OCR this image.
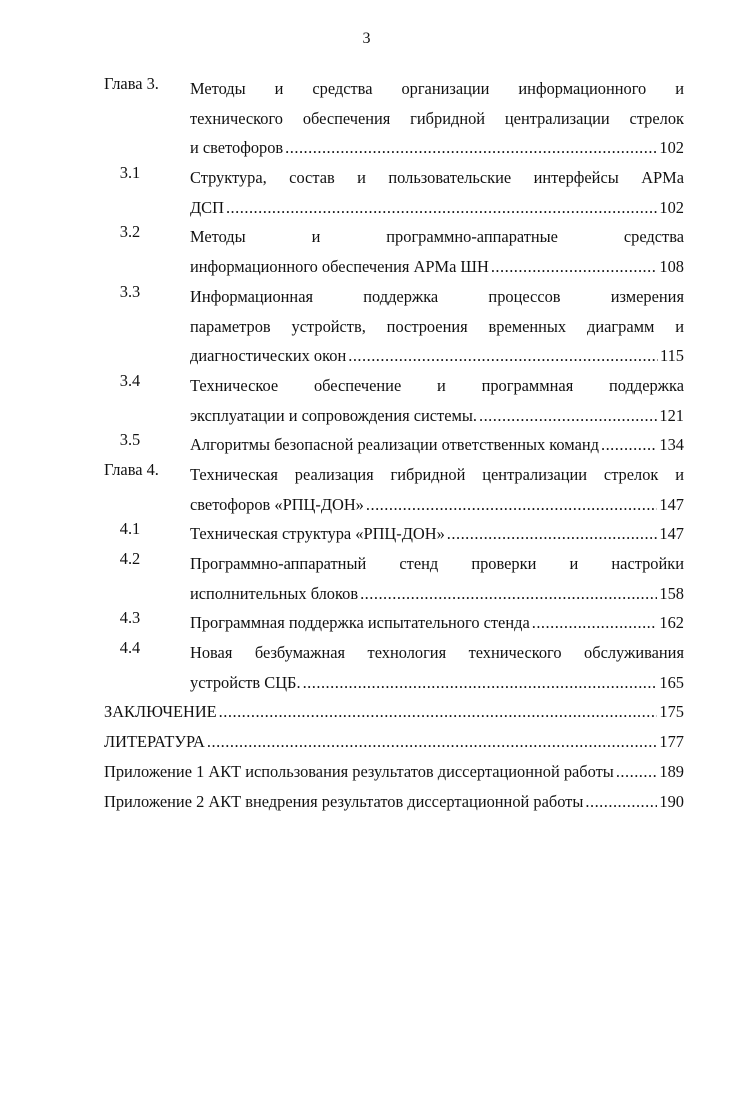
3
Глава 3.	Методы и средства организации информационного и
технического обеспечения гибридной централизации стрелок
и светофоров .....	102
3.1	Структура, состав и пользовательские интерфейсы АРМа
ДСП .....	102
3.2	Методы и программно-аппаратные средства
информационного обеспечения АРМа ШН .....	108
3.3	Информационная поддержка процессов измерения
параметров устройств, построения временных диаграмм и
диагностических окон .....	115
3.4	Техническое обеспечение и программная поддержка
эксплуатации и сопровождения системы. .....	121
3.5	Алгоритмы безопасной реализации ответственных команд .....	134
Глава 4.	Техническая реализация гибридной централизации стрелок и
светофоров «РПЦ-ДОН» .....	147
4.1	Техническая структура «РПЦ-ДОН» .....	147
4.2	Программно-аппаратный стенд проверки и настройки
исполнительных блоков .....	158
4.3	Программная поддержка испытательного стенда .....	162
4.4	Новая безбумажная технология технического обслуживания
устройств СЦБ. .....	165
ЗАКЛЮЧЕНИЕ .....	175
ЛИТЕРАТУРА .....	177
Приложение 1 АКТ использования результатов диссертационной работы .....	189
Приложение 2 АКТ внедрения результатов диссертационной работы .....	190
